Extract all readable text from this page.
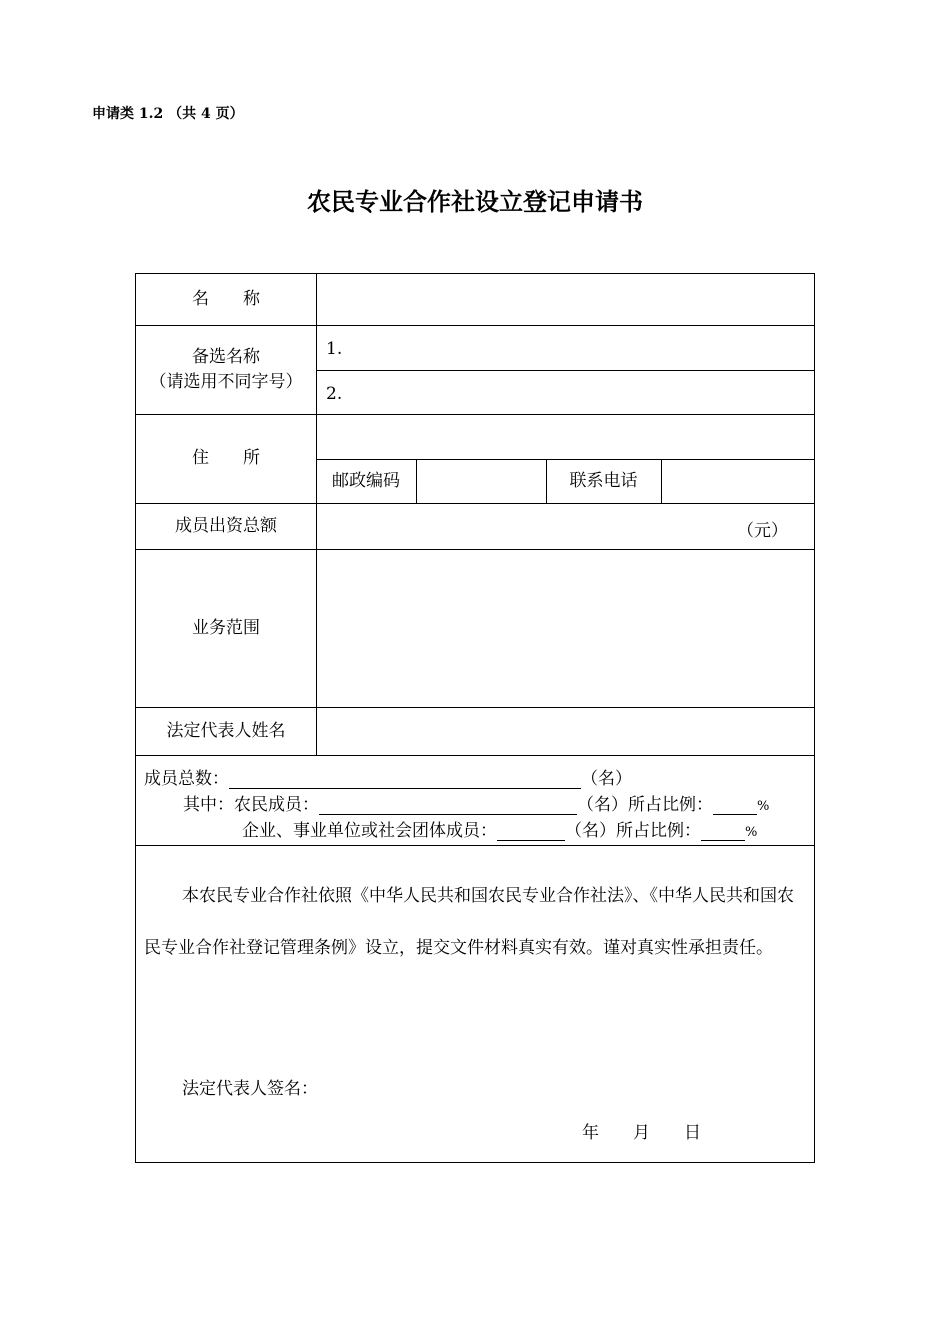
申请类 1.2 （共 4 页）
农民专业合作社设立登记申请书
名　　称
备选名称
（请选用不同字号）
1.
2.
住　　所
邮政编码	联系电话
成员出资总额	（元）
业务范围
法定代表人姓名
成员总数：	（名）
其中：农民成员：	（名）所占比例：	%
企业、事业单位或社会团体成员：	（名）所占比例：	%
本农民专业合作社依照《中华人民共和国农民专业合作社法》、《中华人民共和国农民专业合作社登记管理条例》设立，提交文件材料真实有效。谨对真实性承担责任。
法定代表人签名：
年　　月　　日
